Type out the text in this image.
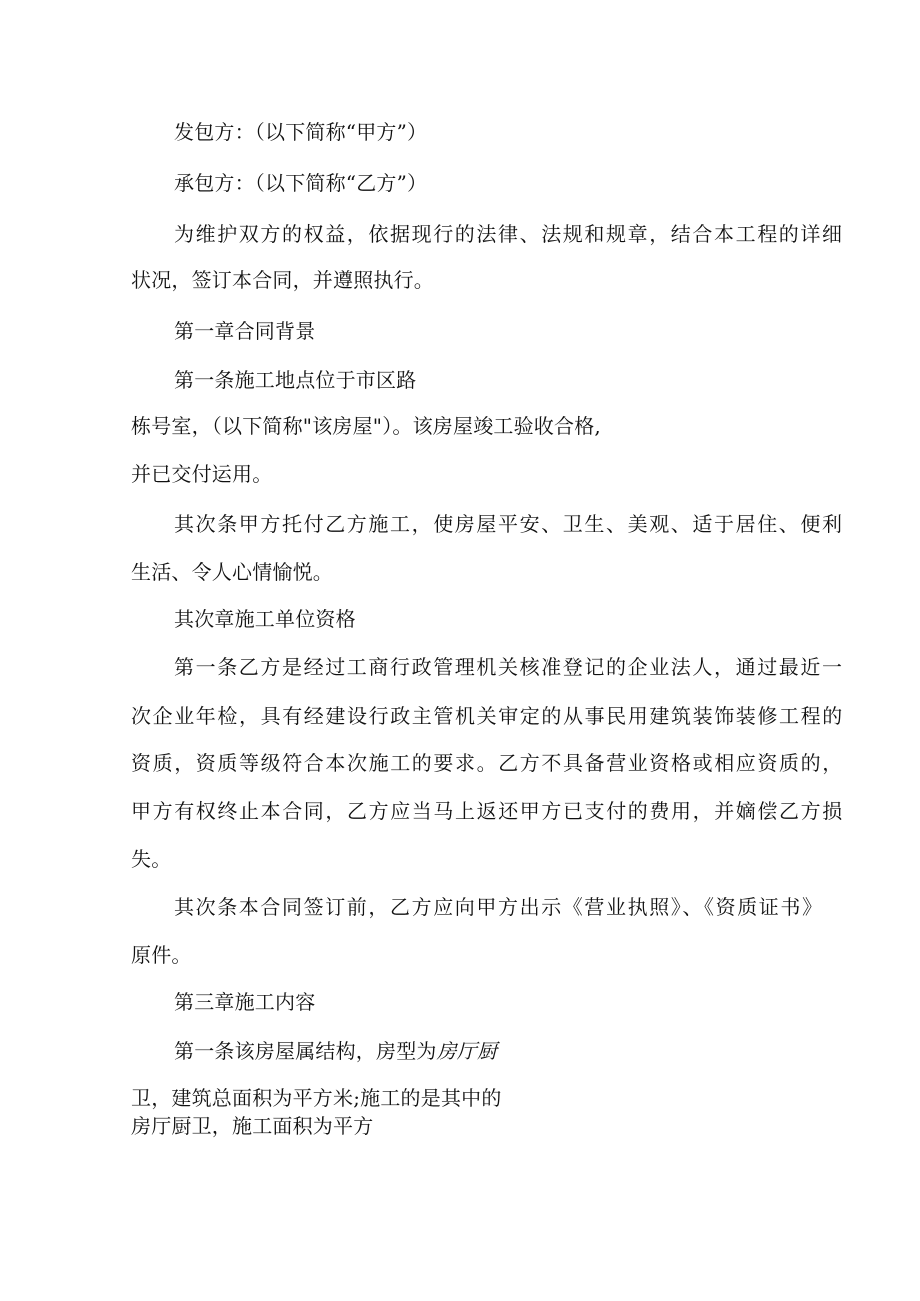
发包方：（以下简称“甲方”）
承包方：（以下简称“乙方”）
为维护双方的权益，依据现行的法律、法规和规章，结合本工程的详细
状况，签订本合同，并遵照执行。
第一章合同背景
第一条施工地点位于市区路
栋号室，（以下简称"该房屋"）。该房屋竣工验收合格,
并已交付运用。
其次条甲方托付乙方施工，使房屋平安、卫生、美观、适于居住、便利
生活、令人心情愉悦。
其次章施工单位资格
第一条乙方是经过工商行政管理机关核准登记的企业法人，通过最近一
次企业年检，具有经建设行政主管机关审定的从事民用建筑装饰装修工程的
资质，资质等级符合本次施工的要求。乙方不具备营业资格或相应资质的，
甲方有权终止本合同，乙方应当马上返还甲方已支付的费用，并嫡偿乙方损
失。
其次条本合同签订前，乙方应向甲方出示《营业执照》、《资质证书》
原件。
第三章施工内容
第一条该房屋属结构，房型为房厅厨
卫，建筑总面积为平方米;施工的是其中的
房厅厨卫，施工面积为平方
